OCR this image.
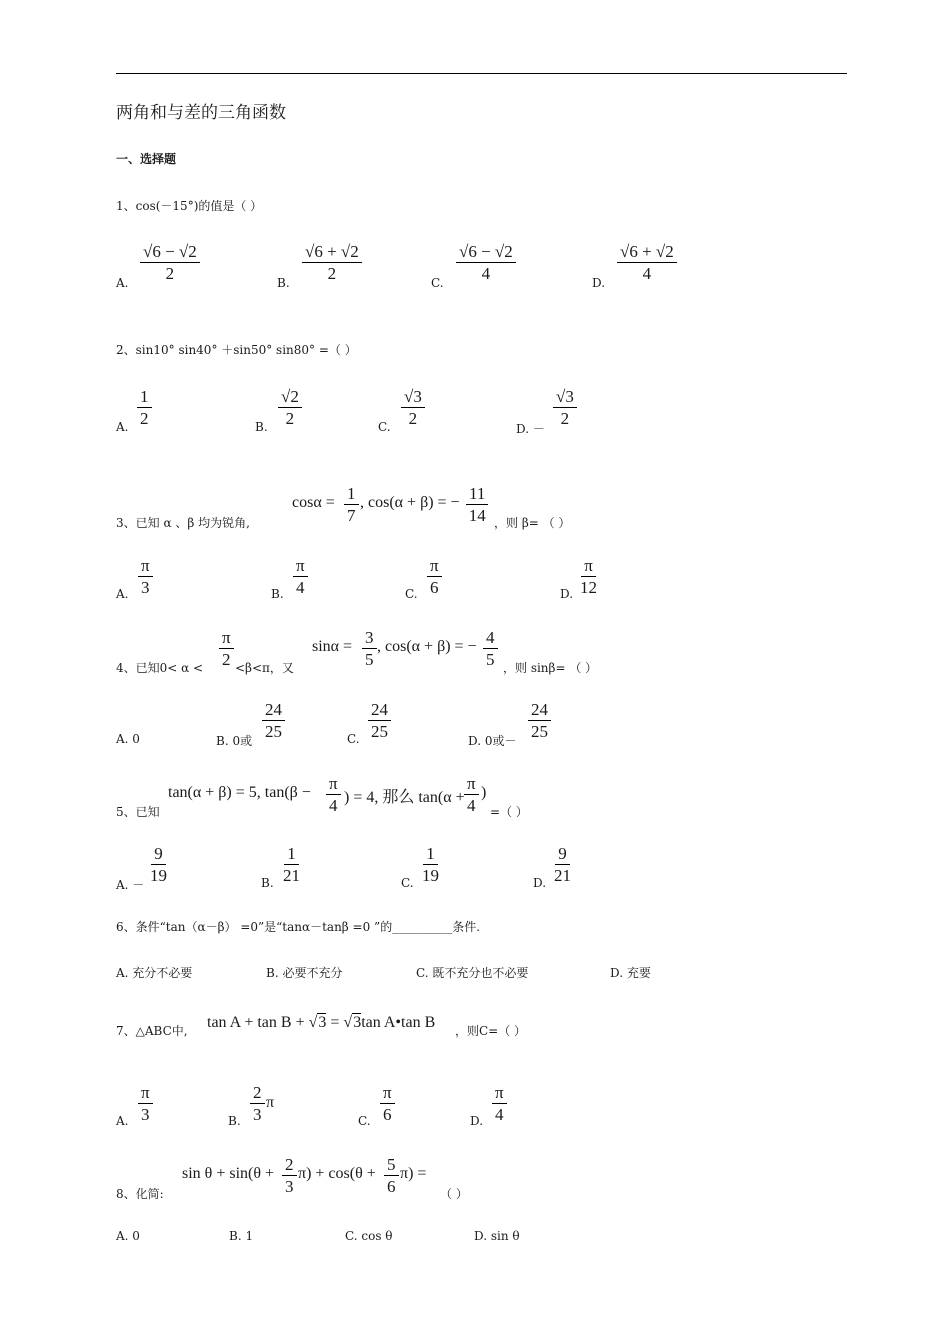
两角和与差的三角函数
一、选择题
1、cos(－15°)的值是（ ）
A.
$\frac{√6 - √2}{2}$
B.
$\frac{√6 + √2}{2}$
C.
$\frac{√6 - √2}{4}$
D.
$\frac{√6 + √2}{4}$
2、sin10° sin40° ＋sin50° sin80° =（ ）
A. $\frac{1}{2}$	B. $\frac{√2}{2}$	C. $\frac{√3}{2}$
D. －
$\frac{√3}{2}$
3、已知 α 、β 均为锐角,
$\cos\alpha = \frac{1}{7}$ , cos(α + β) = − $\frac{11}{14}$ ，则 β= （ ）
A. $\frac{\pi}{3}$	B. $\frac{\pi}{4}$	C. $\frac{\pi}{6}$	D. $\frac{\pi}{12}$
4、已知$0< \alpha < \frac{\pi}{2} <\beta<\pi$，又
$\sin\alpha = \frac{3}{5}$ , cos(α + β) = − $\frac{4}{5}$ ，则 sinβ= （ ）
A. 0	B. 0或
$\frac{24}{25}$	C. $\frac{24}{25}$
D. 0或－
$\frac{24}{25}$
5、已知
tan(α + β) = 5, $\tan(\beta - \frac{\pi}{4}$ ) = 4, 那么 $\tan(\alpha + \frac{\pi}{4}$ )
=（ ）
A. －
$\frac{9}{19}$	B. $\frac{1}{21}$	C. $\frac{1}{19}$	D. $\frac{9}{21}$
6、条件“tan（α－β） =0”是“tanα－tanβ =0 ”的__________条件.
A. 充分不必要	B. 必要不充分	C. 既不充分也不必要	D. 充要
7、△ABC中, tan A + tan B + √3 = √3tan A•tan B ，则C=（ ）
A. $\frac{\pi}{3}$	B. $\frac{2}{3}$ π
C. $\frac{\pi}{6}$	D. $\frac{\pi}{4}$
8、化简:
$\sin \theta + \sin(\theta + \frac{2}{3} \pi) + \cos(\theta + \frac{5}{6} \pi)$ =
（ ）
A. 0	B. 1	C. cos θ	D. sin θ
